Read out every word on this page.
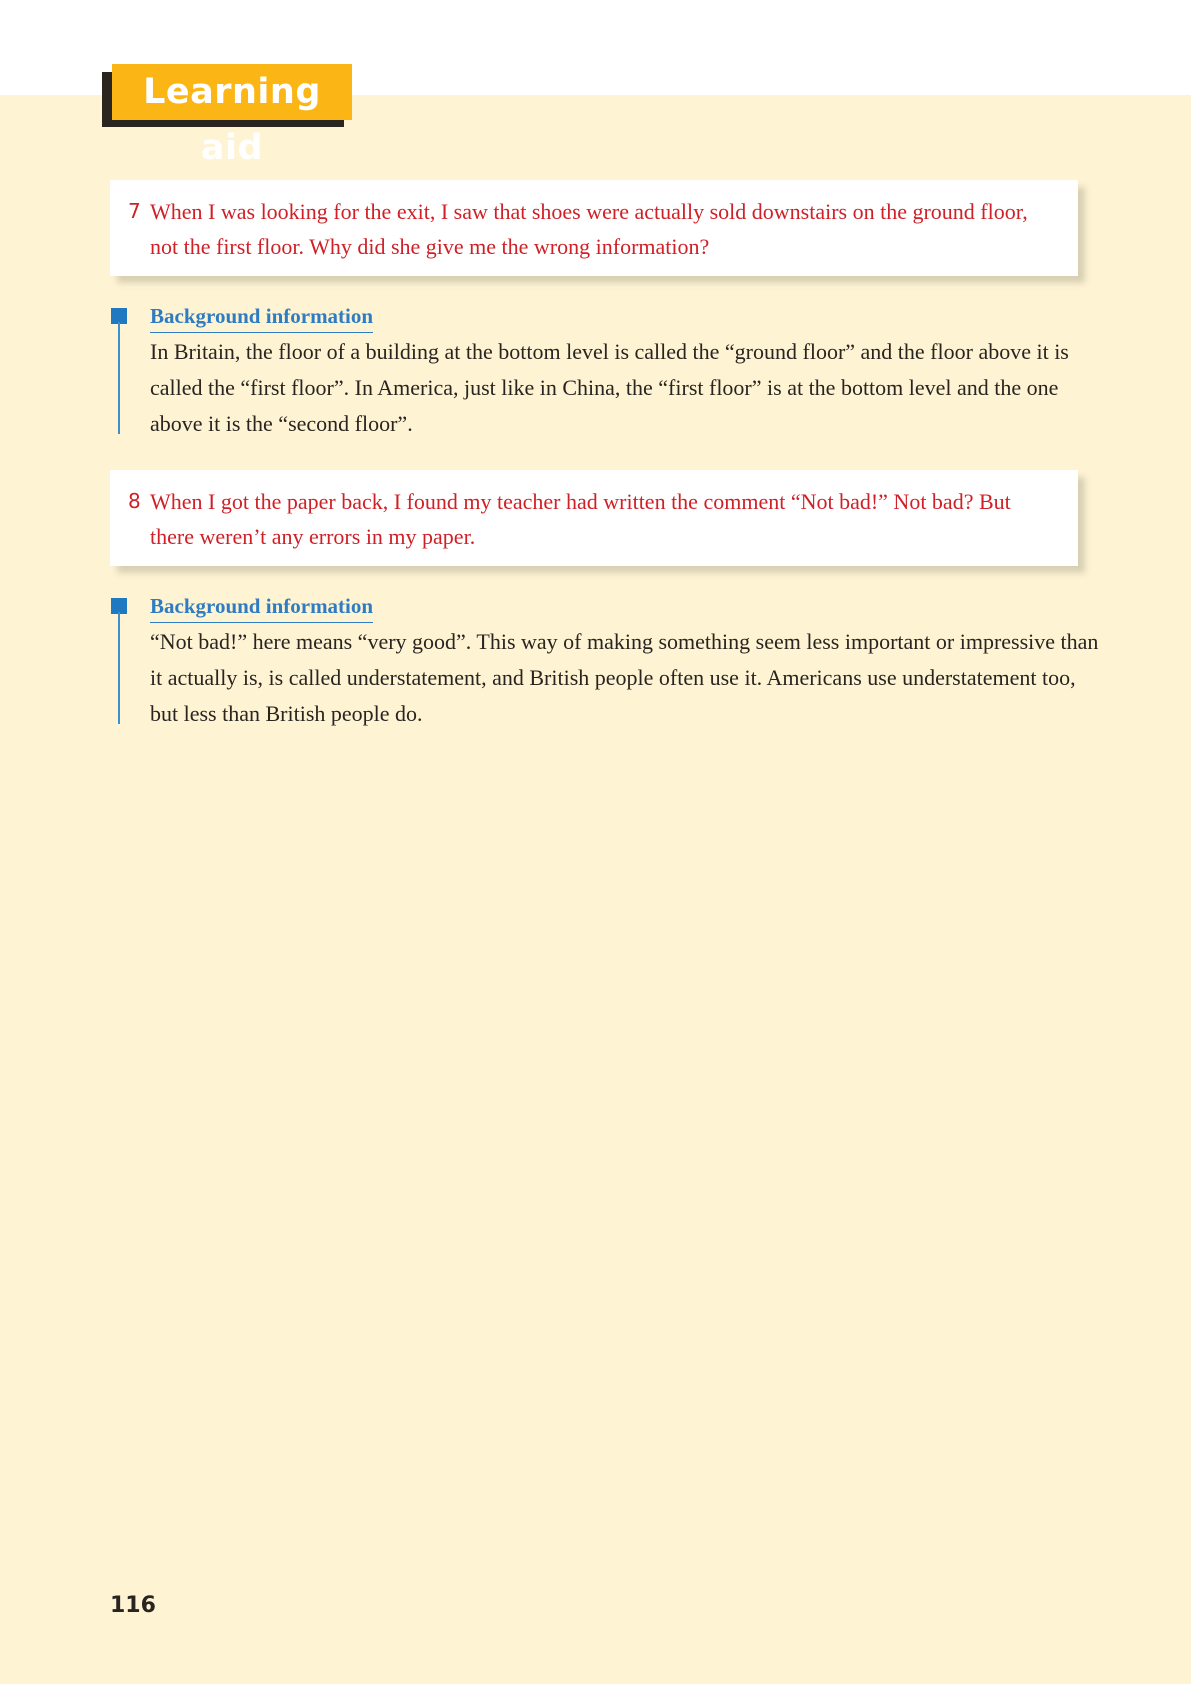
Learning aid
7 When I was looking for the exit, I saw that shoes were actually sold downstairs on the ground floor, not the first floor. Why did she give me the wrong information?
Background information
In Britain, the floor of a building at the bottom level is called the “ground floor” and the floor above it is called the “first floor”. In America, just like in China, the “first floor” is at the bottom level and the one above it is the “second floor”.
8 When I got the paper back, I found my teacher had written the comment “Not bad!” Not bad? But there weren’t any errors in my paper.
Background information
“Not bad!” here means “very good”. This way of making something seem less important or impressive than it actually is, is called understatement, and British people often use it. Americans use understatement too, but less than British people do.
116
